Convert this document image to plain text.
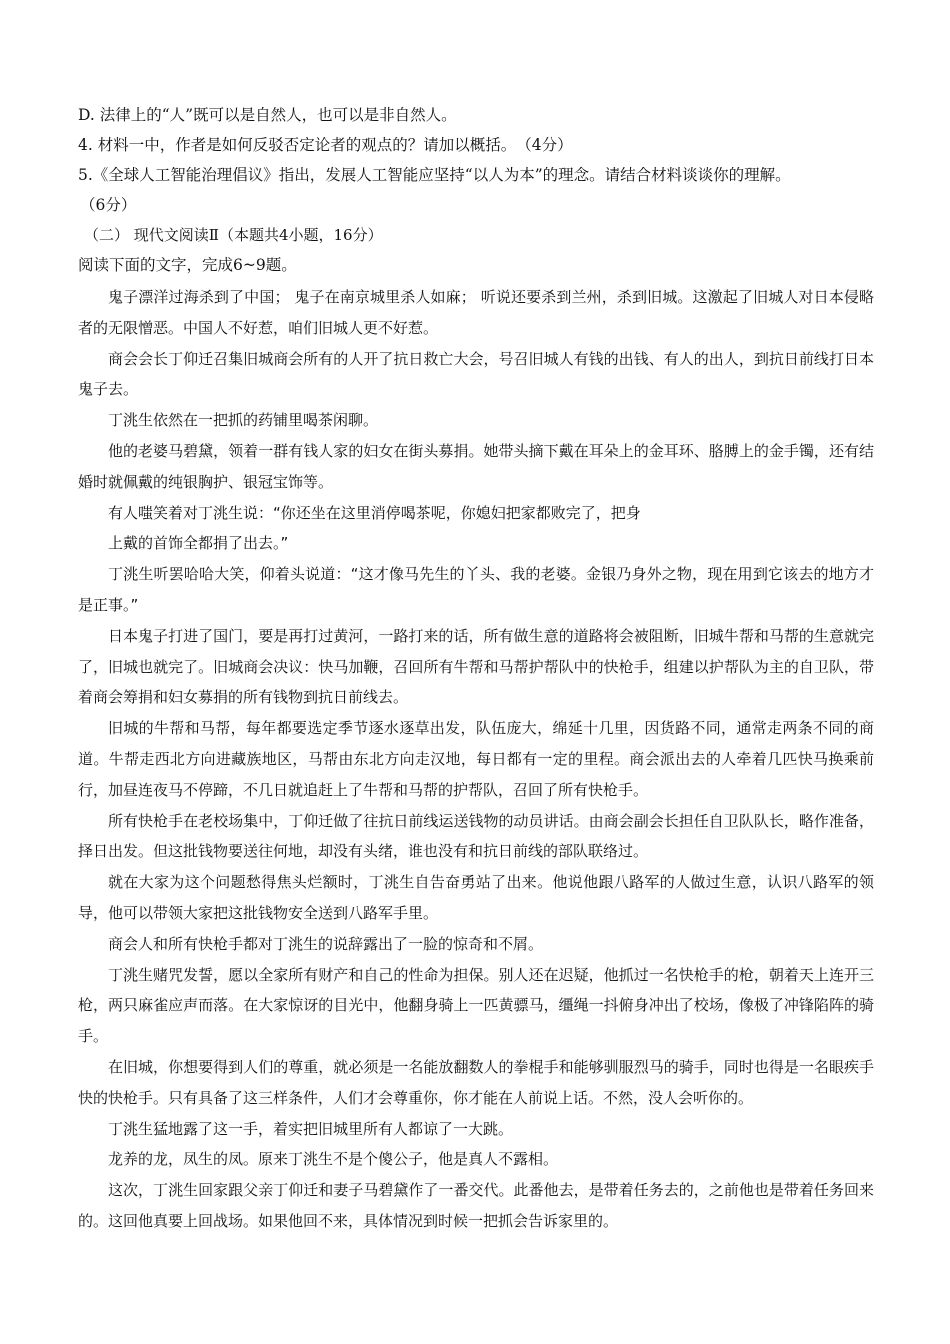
D. 法律上的“人”既可以是自然人，也可以是非自然人。
4. 材料一中，作者是如何反驳否定论者的观点的？请加以概括。　（4分）
5.《全球人工智能治理倡议》指出，发展人工智能应坚持“以人为本”的理念。请结合材料谈谈你的理解。
（6分）
（二） 现代文阅读Ⅱ（本题共4小题，16分）
阅读下面的文字，完成6~9题。

鬼子漂洋过海杀到了中国； 鬼子在南京城里杀人如麻； 听说还要杀到兰州，杀到旧城。这激起了旧城人对日本侵略者的无限憎恶。中国人不好惹，咱们旧城人更不好惹。

商会会长丁仰迁召集旧城商会所有的人开了抗日救亡大会，号召旧城人有钱的出钱、有人的出人，到抗日前线打日本鬼子去。

丁洮生依然在一把抓的药铺里喝茶闲聊。

他的老婆马碧黛，领着一群有钱人家的妇女在街头募捐。她带头摘下戴在耳朵上的金耳环、胳膊上的金手镯，还有结婚时就佩戴的纯银胸护、银冠宝饰等。

有人嗤笑着对丁洮生说：“你还坐在这里消停喝茶呢，你媳妇把家都败完了，把身

上戴的首饰全都捐了出去。”

丁洮生听罢哈哈大笑，仰着头说道：“这才像马先生的丫头、我的老婆。金银乃身外之物，现在用到它该去的地方才是正事。”

日本鬼子打进了国门，要是再打过黄河，一路打来的话，所有做生意的道路将会被阻断，旧城牛帮和马帮的生意就完了，旧城也就完了。旧城商会决议：快马加鞭，召回所有牛帮和马帮护帮队中的快枪手，组建以护帮队为主的自卫队，带着商会筹捐和妇女募捐的所有钱物到抗日前线去。

旧城的牛帮和马帮，每年都要选定季节逐水逐草出发，队伍庞大，绵延十几里，因货路不同，通常走两条不同的商道。牛帮走西北方向进藏族地区，马帮由东北方向走汉地，每日都有一定的里程。商会派出去的人牵着几匹快马换乘前行，加昼连夜马不停蹄，不几日就追赶上了牛帮和马帮的护帮队，召回了所有快枪手。

所有快枪手在老校场集中，丁仰迁做了往抗日前线运送钱物的动员讲话。由商会副会长担任自卫队队长，略作准备，择日出发。但这批钱物要送往何地，却没有头绪，谁也没有和抗日前线的部队联络过。

就在大家为这个问题愁得焦头烂额时，丁洮生自告奋勇站了出来。他说他跟八路军的人做过生意，认识八路军的领导，他可以带领大家把这批钱物安全送到八路军手里。

商会人和所有快枪手都对丁洮生的说辞露出了一脸的惊奇和不屑。

丁洮生赌咒发誓，愿以全家所有财产和自己的性命为担保。别人还在迟疑，他抓过一名快枪手的枪，朝着天上连开三枪，两只麻雀应声而落。在大家惊讶的目光中，他翻身骑上一匹黄骠马，缰绳一抖俯身冲出了校场，像极了冲锋陷阵的骑手。

在旧城，你想要得到人们的尊重，就必须是一名能放翻数人的拳棍手和能够驯服烈马的骑手，同时也得是一名眼疾手快的快枪手。只有具备了这三样条件，人们才会尊重你，你才能在人前说上话。不然，没人会听你的。

丁洮生猛地露了这一手，着实把旧城里所有人都谅了一大跳。

龙养的龙，凤生的凤。原来丁洮生不是个傻公子，他是真人不露相。

这次，丁洮生回家跟父亲丁仰迁和妻子马碧黛作了一番交代。此番他去，是带着任务去的，之前他也是带着任务回来的。这回他真要上回战场。如果他回不来，具体情况到时候一把抓会告诉家里的。
